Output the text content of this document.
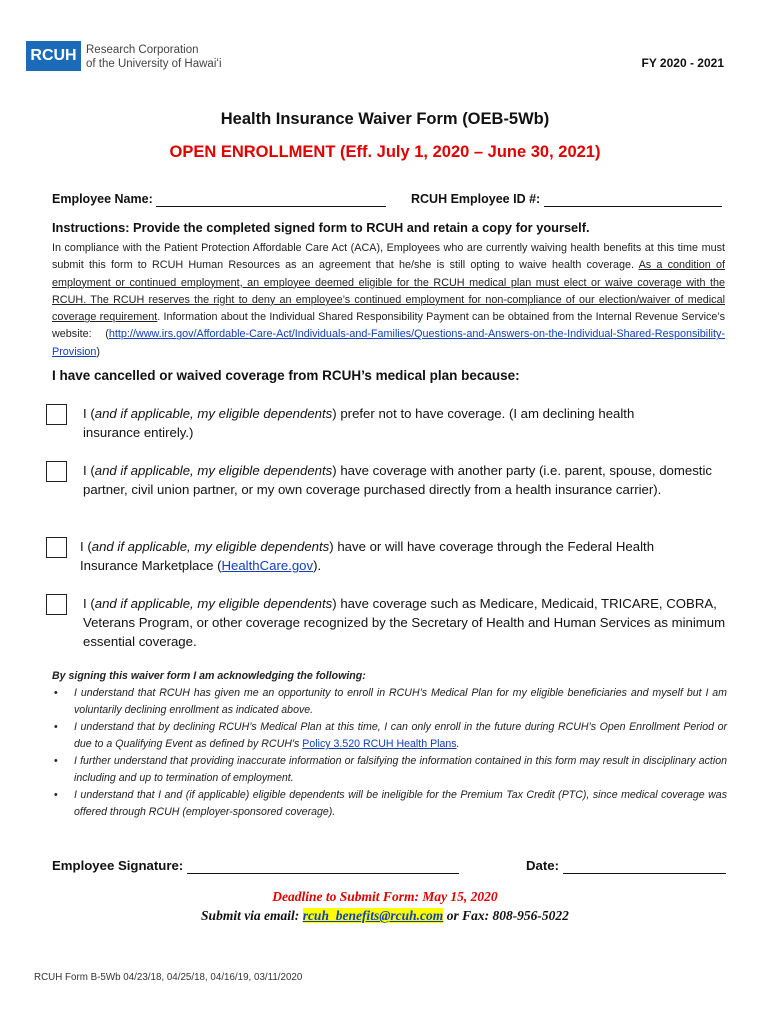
RCUH Research Corporation
of the University of Hawaiʻi	FY 2020 - 2021
Health Insurance Waiver Form (OEB-5Wb)
OPEN ENROLLMENT (Eff. July 1, 2020 – June 30, 2021)
Employee Name:	RCUH Employee ID #:
Instructions: Provide the completed signed form to RCUH and retain a copy for yourself.
In compliance with the Patient Protection Affordable Care Act (ACA), Employees who are currently waiving health benefits at this time must submit this form to RCUH Human Resources as an agreement that he/she is still opting to waive health coverage. As a condition of employment or continued employment, an employee deemed eligible for the RCUH medical plan must elect or waive coverage with the RCUH. The RCUH reserves the right to deny an employee’s continued employment for non-compliance of our election/waiver of medical coverage requirement. Information about the Individual Shared Responsibility Payment can be obtained from the Internal Revenue Service’s website: (http://www.irs.gov/Affordable-Care-Act/Individuals-and-Families/Questions-and-Answers-on-the-Individual-Shared-Responsibility-Provision)
I have cancelled or waived coverage from RCUH’s medical plan because:
I (and if applicable, my eligible dependents) prefer not to have coverage. (I am declining health insurance entirely.)
I (and if applicable, my eligible dependents) have coverage with another party (i.e. parent, spouse, domestic partner, civil union partner, or my own coverage purchased directly from a health insurance carrier).
I (and if applicable, my eligible dependents) have or will have coverage through the Federal Health Insurance Marketplace (HealthCare.gov).
I (and if applicable, my eligible dependents) have coverage such as Medicare, Medicaid, TRICARE, COBRA, Veterans Program, or other coverage recognized by the Secretary of Health and Human Services as minimum essential coverage.
By signing this waiver form I am acknowledging the following:
• I understand that RCUH has given me an opportunity to enroll in RCUH’s Medical Plan for my eligible beneficiaries and myself but I am voluntarily declining enrollment as indicated above.
• I understand that by declining RCUH’s Medical Plan at this time, I can only enroll in the future during RCUH’s Open Enrollment Period or due to a Qualifying Event as defined by RCUH’s Policy 3.520 RCUH Health Plans.
• I further understand that providing inaccurate information or falsifying the information contained in this form may result in disciplinary action including and up to termination of employment.
• I understand that I and (if applicable) eligible dependents will be ineligible for the Premium Tax Credit (PTC), since medical coverage was offered through RCUH (employer-sponsored coverage).
Employee Signature:	Date:
Deadline to Submit Form: May 15, 2020
Submit via email: rcuh_benefits@rcuh.com or Fax: 808-956-5022
RCUH Form B-5Wb 04/23/18, 04/25/18, 04/16/19, 03/11/2020
